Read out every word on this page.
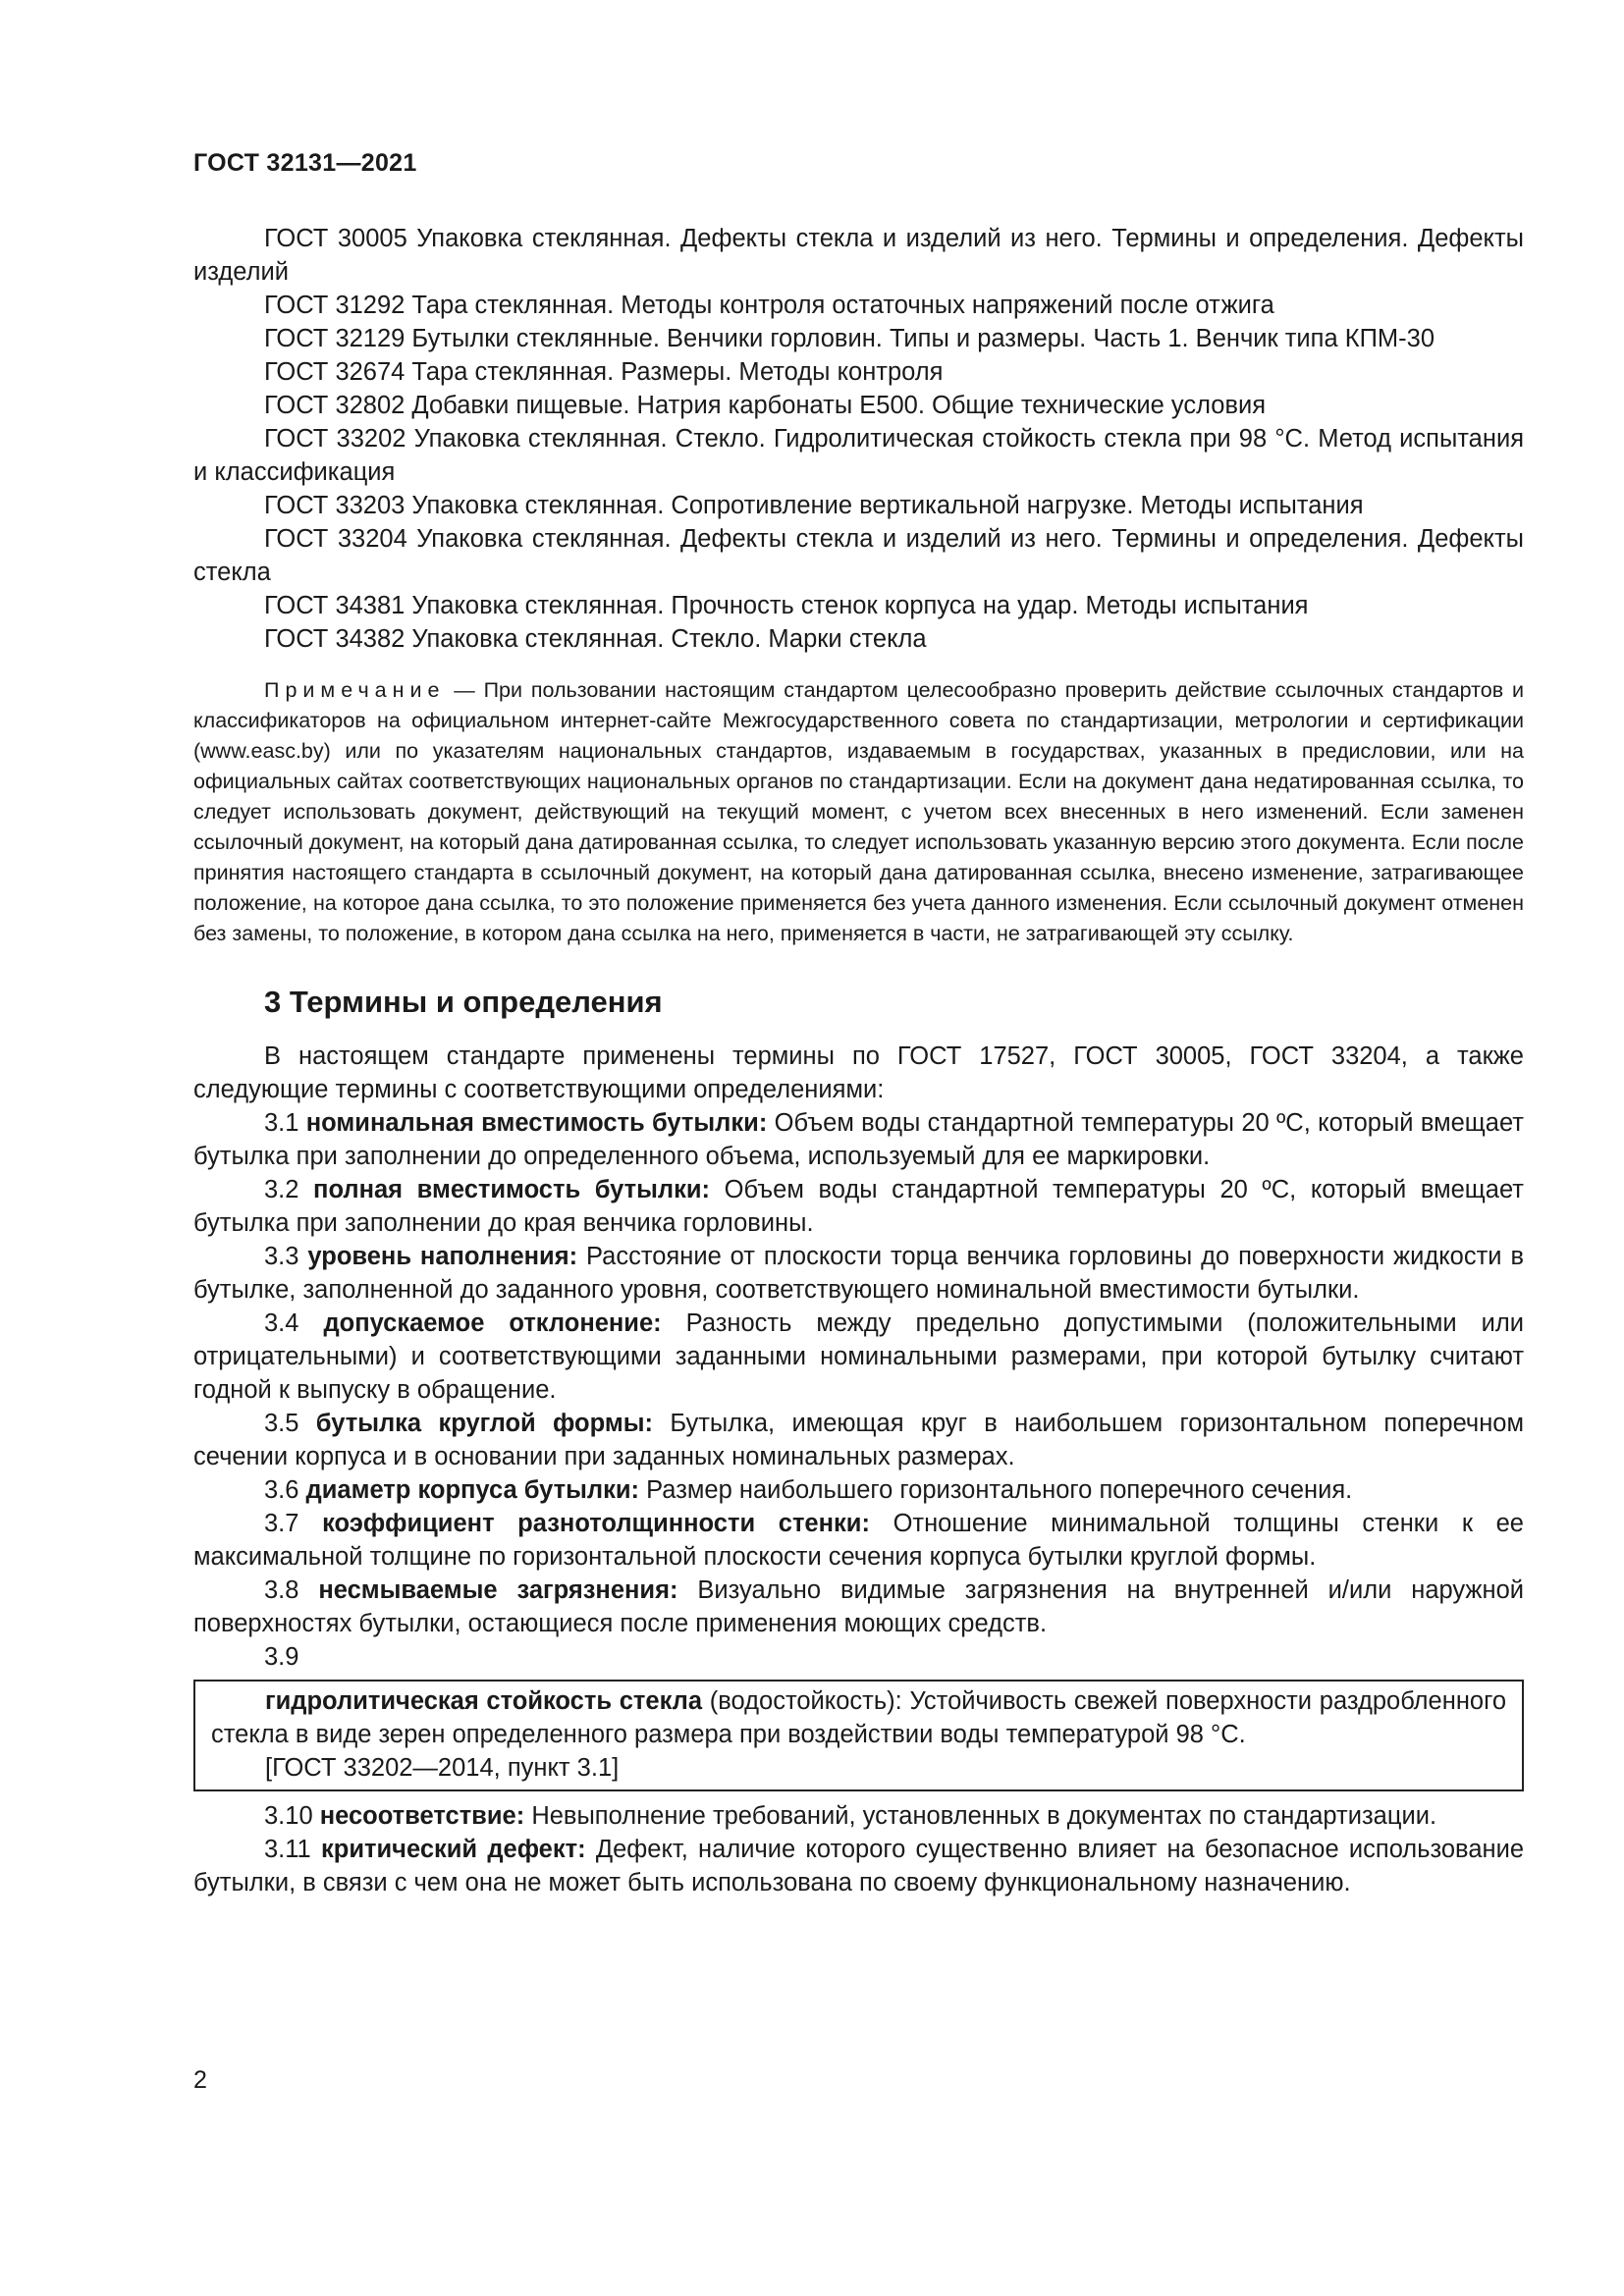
ГОСТ 32131—2021

ГОСТ 30005 Упаковка стеклянная. Дефекты стекла и изделий из него. Термины и определения. Дефекты изделий

ГОСТ 31292 Тара стеклянная. Методы контроля остаточных напряжений после отжига

ГОСТ 32129 Бутылки стеклянные. Венчики горловин. Типы и размеры. Часть 1. Венчик типа КПМ-30

ГОСТ 32674 Тара стеклянная. Размеры. Методы контроля

ГОСТ 32802 Добавки пищевые. Натрия карбонаты E500. Общие технические условия

ГОСТ 33202 Упаковка стеклянная. Стекло. Гидролитическая стойкость стекла при 98 °С. Метод испытания и классификация

ГОСТ 33203 Упаковка стеклянная. Сопротивление вертикальной нагрузке. Методы испытания

ГОСТ 33204 Упаковка стеклянная. Дефекты стекла и изделий из него. Термины и определения. Дефекты стекла

ГОСТ 34381 Упаковка стеклянная. Прочность стенок корпуса на удар. Методы испытания

ГОСТ 34382 Упаковка стеклянная. Стекло. Марки стекла

Примечание — При пользовании настоящим стандартом целесообразно проверить действие ссылочных стандартов и классификаторов на официальном интернет-сайте Межгосударственного совета по стандартизации, метрологии и сертификации (www.easc.by) или по указателям национальных стандартов, издаваемым в государствах, указанных в предисловии, или на официальных сайтах соответствующих национальных органов по стандартизации. Если на документ дана недатированная ссылка, то следует использовать документ, действующий на текущий момент, с учетом всех внесенных в него изменений. Если заменен ссылочный документ, на который дана датированная ссылка, то следует использовать указанную версию этого документа. Если после принятия настоящего стандарта в ссылочный документ, на который дана датированная ссылка, внесено изменение, затрагивающее положение, на которое дана ссылка, то это положение применяется без учета данного изменения. Если ссылочный документ отменен без замены, то положение, в котором дана ссылка на него, применяется в части, не затрагивающей эту ссылку.

3 Термины и определения

В настоящем стандарте применены термины по ГОСТ 17527, ГОСТ 30005, ГОСТ 33204, а также следующие термины с соответствующими определениями:

3.1 номинальная вместимость бутылки: Объем воды стандартной температуры 20 ºС, который вмещает бутылка при заполнении до определенного объема, используемый для ее маркировки.

3.2 полная вместимость бутылки: Объем воды стандартной температуры 20 ºС, который вмещает бутылка при заполнении до края венчика горловины.

3.3 уровень наполнения: Расстояние от плоскости торца венчика горловины до поверхности жидкости в бутылке, заполненной до заданного уровня, соответствующего номинальной вместимости бутылки.

3.4 допускаемое отклонение: Разность между предельно допустимыми (положительными или отрицательными) и соответствующими заданными номинальными размерами, при которой бутылку считают годной к выпуску в обращение.

3.5 бутылка круглой формы: Бутылка, имеющая круг в наибольшем горизонтальном поперечном сечении корпуса и в основании при заданных номинальных размерах.

3.6 диаметр корпуса бутылки: Размер наибольшего горизонтального поперечного сечения.

3.7 коэффициент разнотолщинности стенки: Отношение минимальной толщины стенки к ее максимальной толщине по горизонтальной плоскости сечения корпуса бутылки круглой формы.

3.8 несмываемые загрязнения: Визуально видимые загрязнения на внутренней и/или наружной поверхностях бутылки, остающиеся после применения моющих средств.

3.9

гидролитическая стойкость стекла (водостойкость): Устойчивость свежей поверхности раздробленного стекла в виде зерен определенного размера при воздействии воды температурой 98 °С.

[ГОСТ 33202—2014, пункт 3.1]

3.10 несоответствие: Невыполнение требований, установленных в документах по стандартизации.

3.11 критический дефект: Дефект, наличие которого существенно влияет на безопасное использование бутылки, в связи с чем она не может быть использована по своему функциональному назначению.

2
